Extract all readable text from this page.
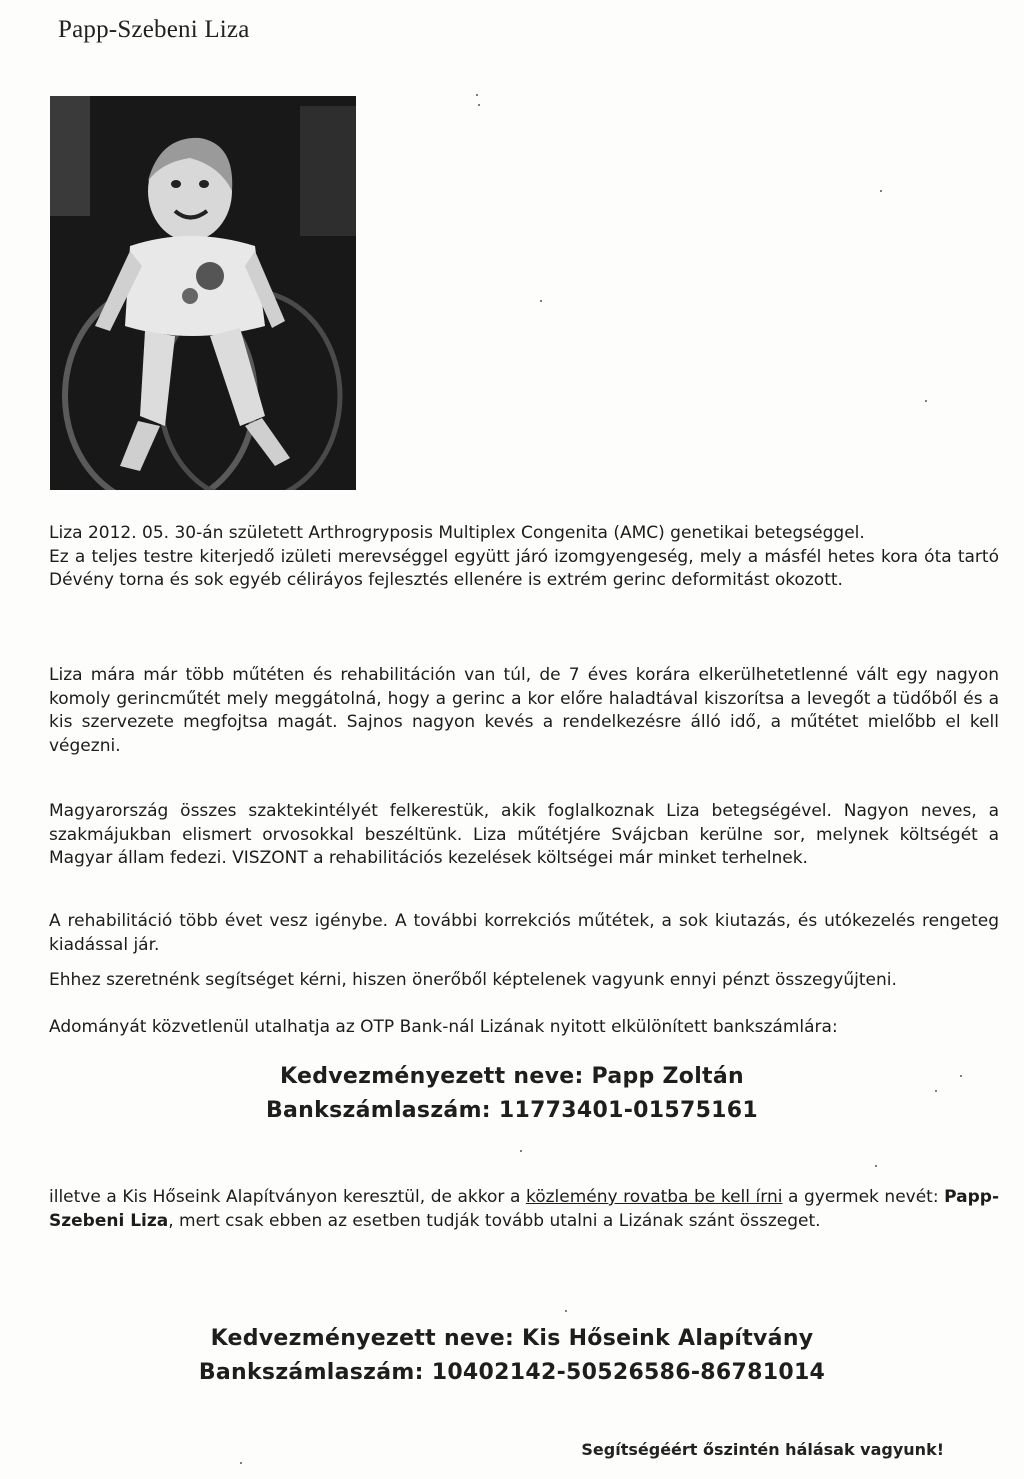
Papp-Szebeni Liza
Liza 2012. 05. 30-án született Arthrogryposis Multiplex Congenita (AMC) genetikai betegséggel.
Ez a teljes testre kiterjedő izületi merevséggel együtt járó izomgyengeség, mely a másfél hetes kora óta tartó Dévény torna és sok egyéb céliráyos fejlesztés ellenére is extrém gerinc deformitást okozott.
Liza mára már több műtéten és rehabilitáción van túl, de 7 éves korára elkerülhetetlenné vált egy nagyon komoly gerincműtét mely meggátolná, hogy a gerinc a kor előre haladtával kiszorítsa a levegőt a tüdőből és a kis szervezete megfojtsa magát. Sajnos nagyon kevés a rendelkezésre álló idő, a műtétet mielőbb el kell végezni.
Magyarország összes szaktekintélyét felkerestük, akik foglalkoznak Liza betegségével. Nagyon neves, a szakmájukban elismert orvosokkal beszéltünk. Liza műtétjére Svájcban kerülne sor, melynek költségét a Magyar állam fedezi. VISZONT a rehabilitációs kezelések költségei már minket terhelnek.
A rehabilitáció több évet vesz igénybe. A további korrekciós műtétek, a sok kiutazás, és utókezelés rengeteg kiadással jár.
Ehhez szeretnénk segítséget kérni, hiszen önerőből képtelenek vagyunk ennyi pénzt összegyűjteni.
Adományát közvetlenül utalhatja az OTP Bank-nál Lizának nyitott elkülönített bankszámlára:
Kedvezményezett neve: Papp Zoltán
Bankszámlaszám: 11773401-01575161
illetve a Kis Hőseink Alapítványon keresztül, de akkor a közlemény rovatba be kell írni a gyermek nevét: Papp-Szebeni Liza, mert csak ebben az esetben tudják tovább utalni a Lizának szánt összeget.
Kedvezményezett neve: Kis Hőseink Alapítvány
Bankszámlaszám: 10402142-50526586-86781014
Segítségéért őszintén hálásak vagyunk!
